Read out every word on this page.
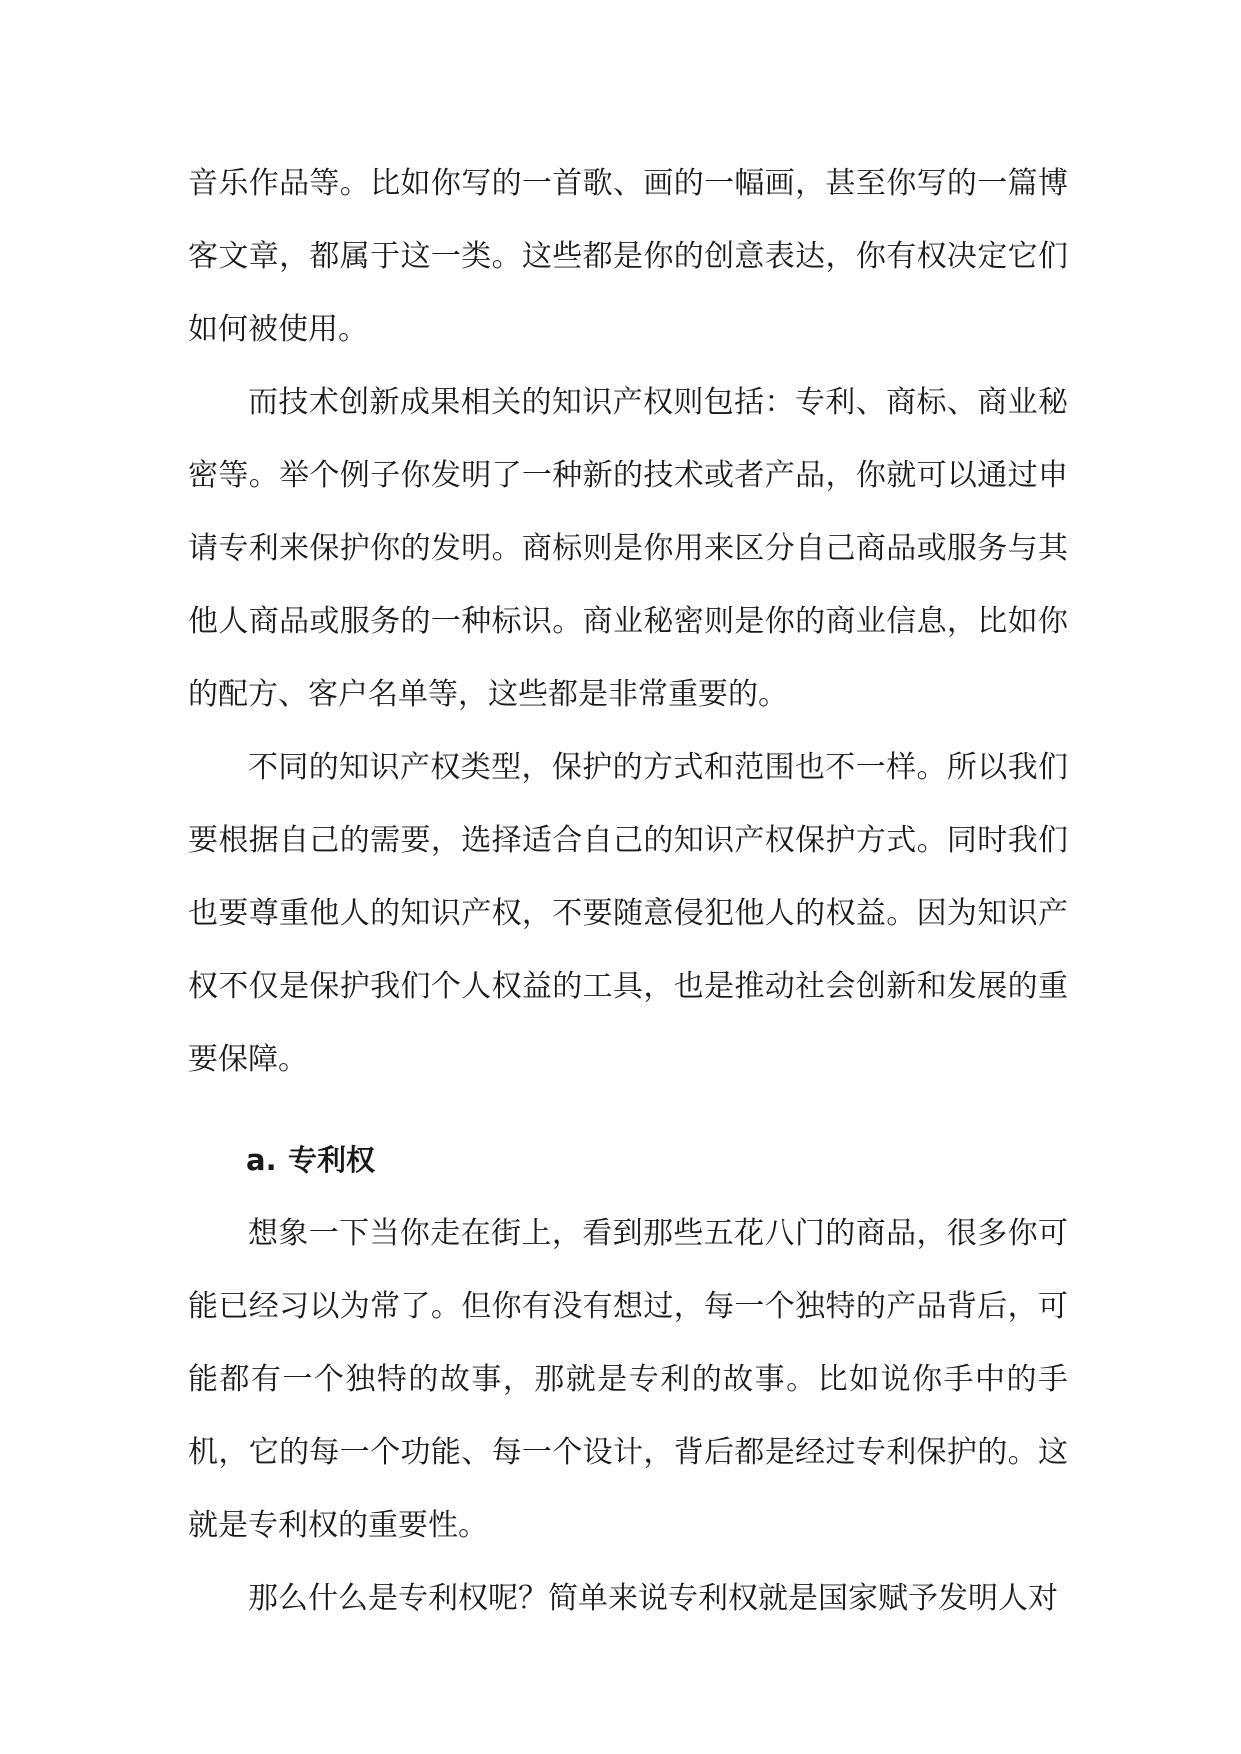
音乐作品等。比如你写的一首歌、画的一幅画，甚至你写的一篇博客文章，都属于这一类。这些都是你的创意表达，你有权决定它们如何被使用。

而技术创新成果相关的知识产权则包括：专利、商标、商业秘密等。举个例子你发明了一种新的技术或者产品，你就可以通过申请专利来保护你的发明。商标则是你用来区分自己商品或服务与其他人商品或服务的一种标识。商业秘密则是你的商业信息，比如你的配方、客户名单等，这些都是非常重要的。

不同的知识产权类型，保护的方式和范围也不一样。所以我们要根据自己的需要，选择适合自己的知识产权保护方式。同时我们也要尊重他人的知识产权，不要随意侵犯他人的权益。因为知识产权不仅是保护我们个人权益的工具，也是推动社会创新和发展的重要保障。

a. 专利权

想象一下当你走在街上，看到那些五花八门的商品，很多你可能已经习以为常了。但你有没有想过，每一个独特的产品背后，可能都有一个独特的故事，那就是专利的故事。比如说你手中的手机，它的每一个功能、每一个设计，背后都是经过专利保护的。这就是专利权的重要性。

那么什么是专利权呢？简单来说专利权就是国家赋予发明人对
